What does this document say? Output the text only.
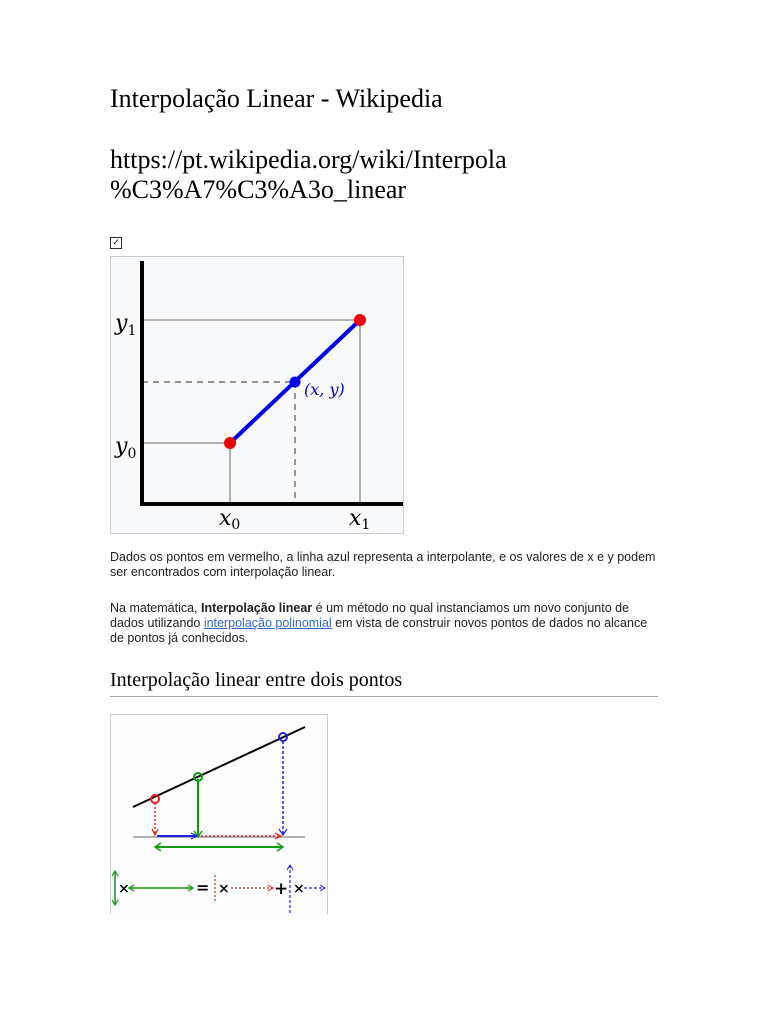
Interpolação Linear - Wikipedia

https://pt.wikipedia.org/wiki/Interpola
%C3%A7%C3%A3o_linear

✓
$y_1$
$y_0$
x0	x1
(x, y)

Dados os pontos em vermelho, a linha azul representa a interpolante, e os valores de x e y podem ser encontrados com interpolação linear.

Na matemática, Interpolação linear é um método no qual instanciamos um novo conjunto de dados utilizando interpolação polinomial em vista de construir novos pontos de dados no alcance de pontos já conhecidos.

Interpolação linear entre dois pontos
×	= ×	+ ×
